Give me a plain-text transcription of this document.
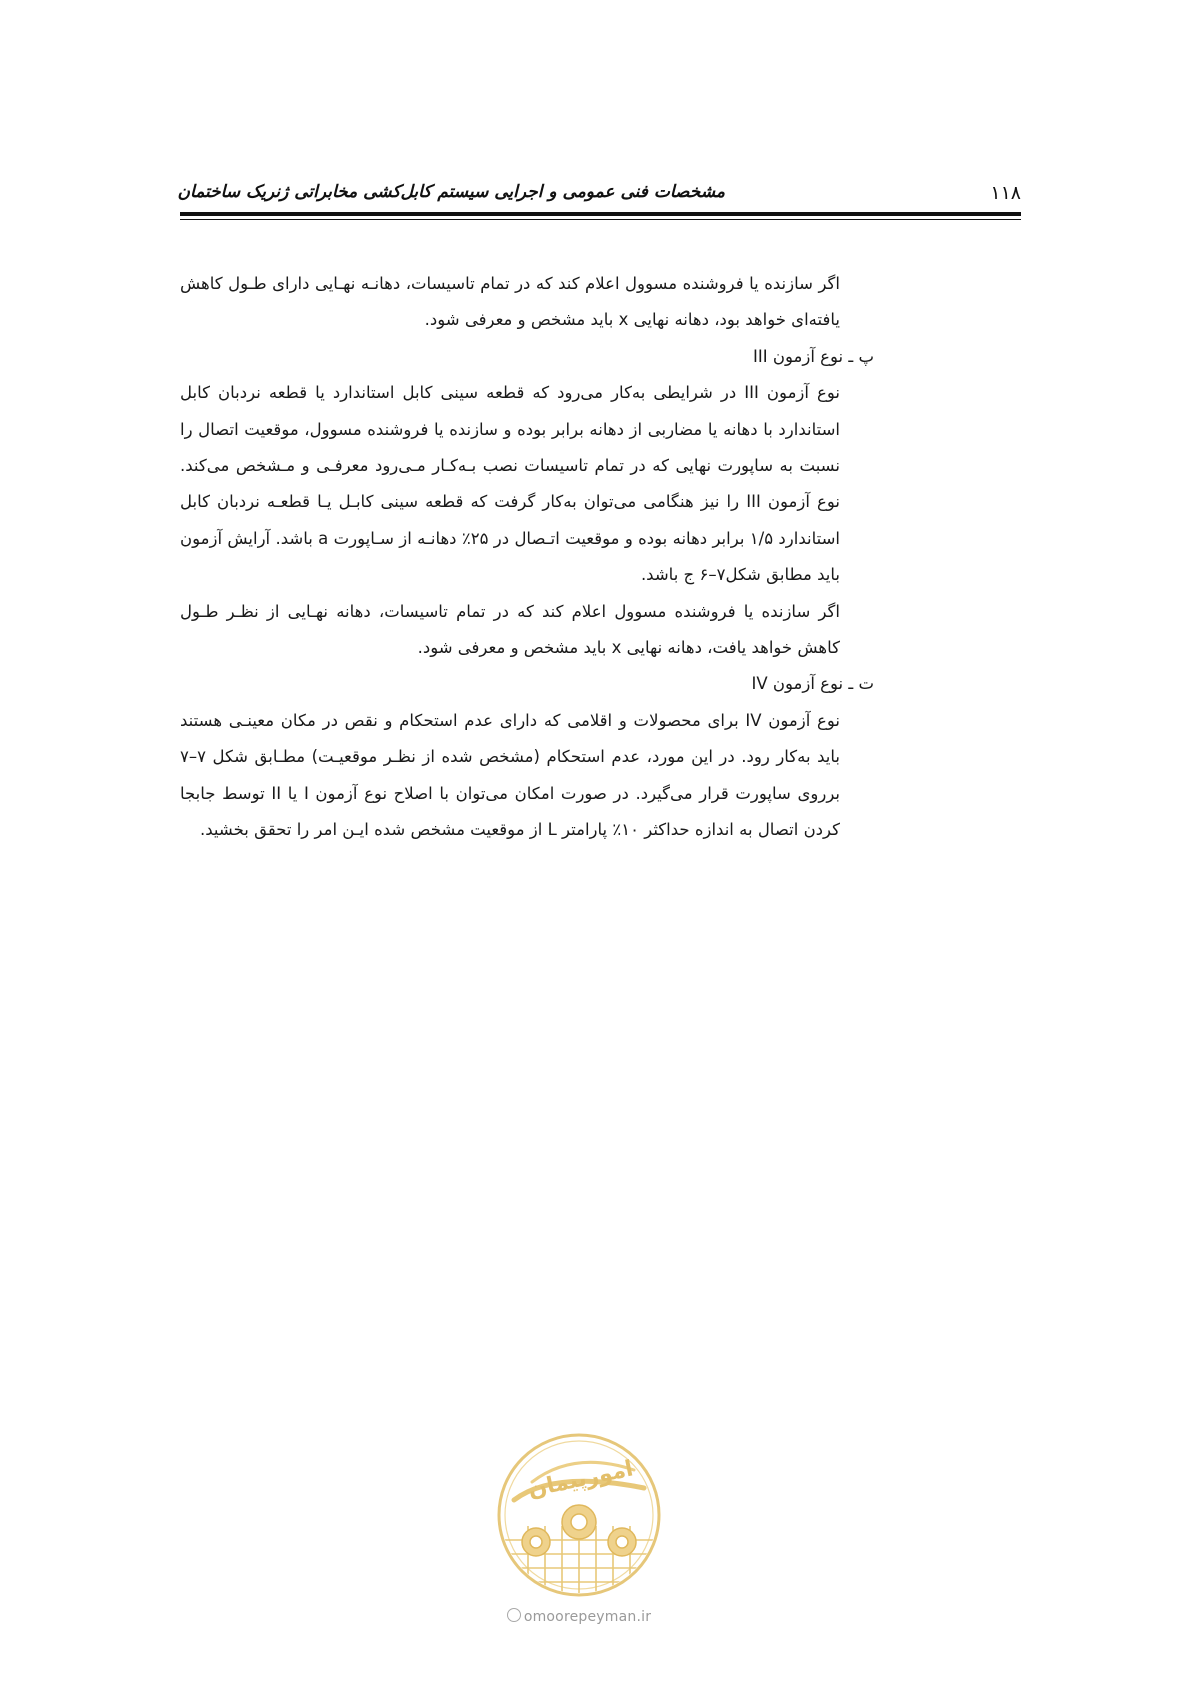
مشخصات فنی عمومی و اجرایی سیستم کابل‌کشی مخابراتی ژنریک ساختمان	۱۱۸

اگر سازنده یا فروشنده مسوول اعلام کند که در تمام تاسیسات، دهانـه نهـایی دارای طـول کاهش یافته‌ای خواهد بود، دهانه نهایی x باید مشخص و معرفی شود.

پ ـ نوع آزمون III

نوع آزمون III در شرایطی به‌کار می‌رود که قطعه سینی کابل استاندارد یا قطعه نردبان کابل استاندارد با دهانه یا مضاربی از دهانه برابر بوده و سازنده یا فروشنده مسوول، موقعیت اتصال را نسبت به ساپورت نهایی که در تمام تاسیسات نصب بـه‌کـار مـی‌رود معرفـی و مـشخص می‌کند. نوع آزمون III را نیز هنگامی می‌توان به‌کار گرفت که قطعه سینی کابـل یـا قطعـه نردبان کابل استاندارد ۱/۵ برابر دهانه بوده و موقعیت اتـصال در ۲۵٪ دهانـه از سـاپورت a باشد. آرایش آزمون باید مطابق شکل۷–۶ ج باشد.

اگر سازنده یا فروشنده مسوول اعلام کند که در تمام تاسیسات، دهانه نهـایی از نظـر طـول کاهش خواهد یافت، دهانه نهایی x باید مشخص و معرفی شود.

ت ـ نوع آزمون IV

نوع آزمون IV برای محصولات و اقلامی که دارای عدم استحکام و نقص در مکان معینـی هستند باید به‌کار رود. در این مورد، عدم استحکام (مشخص شده از نظـر موقعیـت) مطـابق شکل ۷–۷ برروی ساپورت قرار می‌گیرد. در صورت امکان می‌توان با اصلاح نوع آزمون I یا II توسط جابجا کردن اتصال به اندازه حداکثر ۱۰٪ پارامتر L از موقعیت مشخص شده ایـن امر را تحقق بخشید.

امورپیمان
omoorepeyman.ir
